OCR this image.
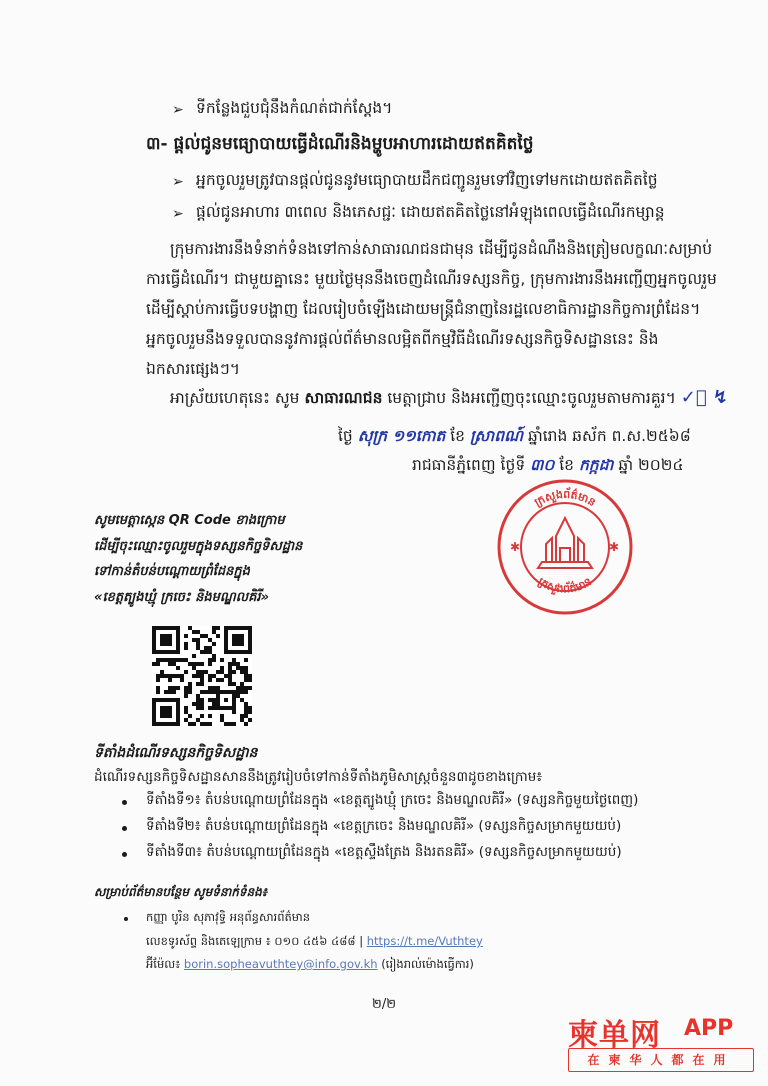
➢ ទីកន្លែងជួបជុំនឹងកំណត់ជាក់ស្តែង។
៣- ផ្តល់ជូនមធ្យោបាយធ្វើដំណើរនិងម្ហូបអាហារដោយឥតគិតថ្លៃ
➢ អ្នកចូលរួមត្រូវបានផ្តល់ជូននូវមធ្យោបាយដឹកជញ្ជូនរួមទៅវិញទៅមកដោយឥតគិតថ្លៃ
➢ ផ្តល់ជូនអាហារ ៣ពេល និងភេសជ្ជៈ ដោយឥតគិតថ្លៃនៅអំឡុងពេលធ្វើដំណើរកម្សាន្ត
ក្រុមការងារនឹងទំនាក់ទំនងទៅកាន់សាធារណជនជាមុន ដើម្បីជូនដំណឹងនិងត្រៀមលក្ខណៈសម្រាប់
ការធ្វើដំណើរ។ ជាមួយគ្នានេះ មួយថ្ងៃមុននឹងចេញដំណើរទស្សនកិច្ច, ក្រុមការងារនឹងអញ្ជើញអ្នកចូលរួម
ដើម្បីស្តាប់ការធ្វើបទបង្ហាញ ដែលរៀបចំឡើងដោយមន្ត្រីជំនាញនៃរដ្ឋលេខាធិការដ្ឋានកិច្ចការព្រំដែន។
អ្នកចូលរួមនឹងទទួលបាននូវការផ្តល់ព័ត៌មានលម្អិតពីកម្មវិធីដំណើរទស្សនកិច្ចទិសដ្ឋាននេះ និង
ឯកសារផ្សេងៗ។
អាស្រ័យហេតុនេះ សូម សាធារណជន មេត្តាជ្រាប និងអញ្ជើញចុះឈ្មោះចូលរួមតាមការគួរ។ ✓ͯ ↯
ថ្ងៃ សុក្រ ១១កោត ខែ ស្រាពណ៍ ឆ្នាំរោង ឆស័ក ព.ស.២៥៦៨
រាជធានីភ្នំពេញ ថ្ងៃទី ៣០ ខែ កក្កដា ឆ្នាំ ២០២៤
ក្រសួងព័ត៌មាន
ក្រសួងព័ត៌មាន
✱	✱
សូមមេត្តាស្កេន QR Code ខាងក្រោម
ដើម្បីចុះឈ្មោះចូលរួមក្នុងទស្សនកិច្ចទិសដ្ឋាន
ទៅកាន់តំបន់បណ្តោយព្រំដែនក្នុង
«ខេត្តត្បូងឃ្មុំ ក្រចេះ និងមណ្ឌលគិរី»
ទីតាំងដំណើរទស្សនកិច្ចទិសដ្ឋាន
ដំណើរទស្សនកិច្ចទិសដ្ឋានសាននឹងត្រូវរៀបចំទៅកាន់ទីតាំងភូមិសាស្ត្រចំនួន៣ដូចខាងក្រោម៖
ទីតាំងទី១៖ តំបន់បណ្តោយព្រំដែនក្នុង «ខេត្តត្បូងឃ្មុំ ក្រចេះ និងមណ្ឌលគិរី» (ទស្សនកិច្ចមួយថ្ងៃពេញ)
ទីតាំងទី២៖ តំបន់បណ្តោយព្រំដែនក្នុង «ខេត្តក្រចេះ និងមណ្ឌលគិរី» (ទស្សនកិច្ចសម្រាកមួយយប់)
ទីតាំងទី៣៖ តំបន់បណ្តោយព្រំដែនក្នុង «ខេត្តស្ទឹងត្រែង និងរតនគិរី» (ទស្សនកិច្ចសម្រាកមួយយប់)
សម្រាប់ព័ត៌មានបន្ថែម សូមទំនាក់ទំនង៖
កញ្ញា បូរិន សុភាវុទ្ធិ អនុព័ន្ធសារព័ត៌មាន
លេខទូរស័ព្ទ និងតេឡេក្រាម ៖ ០១០ ៤៥៦ ៤៨៨ | https://t.me/Vuthtey
អ៊ីម៉ែល៖ borin.sopheavuthtey@info.gov.kh (រៀងរាល់ម៉ោងធ្វើការ)
២/២
柬单网 APP
在柬华人都在用
